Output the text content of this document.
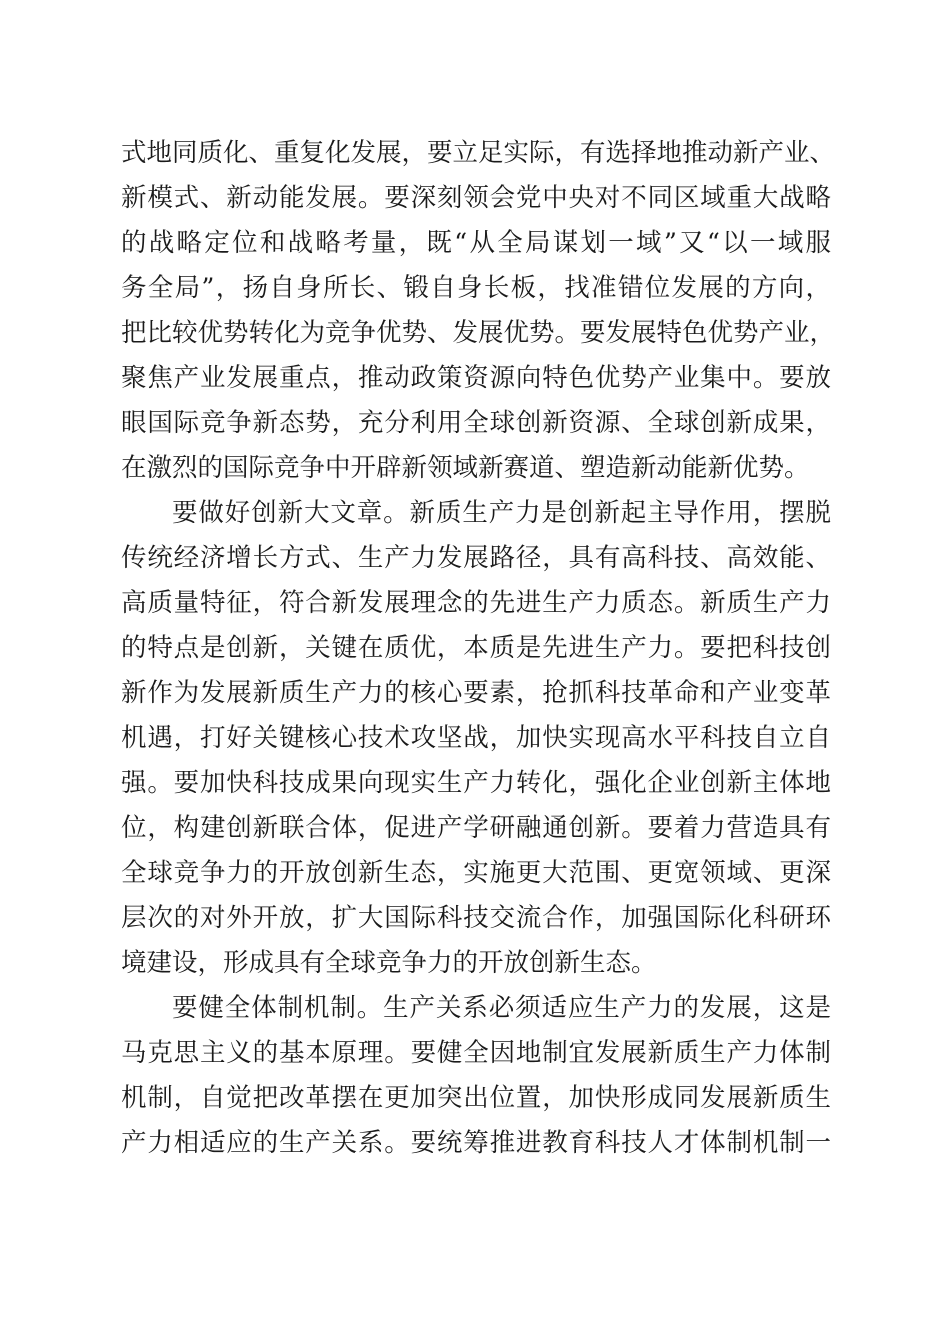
式地同质化、重复化发展，要立足实际，有选择地推动新产业、
新模式、新动能发展。要深刻领会党中央对不同区域重大战略
的战略定位和战略考量，既“从全局谋划一域”又“以一域服
务全局”，扬自身所长、锻自身长板，找准错位发展的方向，
把比较优势转化为竞争优势、发展优势。要发展特色优势产业，
聚焦产业发展重点，推动政策资源向特色优势产业集中。要放
眼国际竞争新态势，充分利用全球创新资源、全球创新成果，
在激烈的国际竞争中开辟新领域新赛道、塑造新动能新优势。
要做好创新大文章。新质生产力是创新起主导作用，摆脱
传统经济增长方式、生产力发展路径，具有高科技、高效能、
高质量特征，符合新发展理念的先进生产力质态。新质生产力
的特点是创新，关键在质优，本质是先进生产力。要把科技创
新作为发展新质生产力的核心要素，抢抓科技革命和产业变革
机遇，打好关键核心技术攻坚战，加快实现高水平科技自立自
强。要加快科技成果向现实生产力转化，强化企业创新主体地
位，构建创新联合体，促进产学研融通创新。要着力营造具有
全球竞争力的开放创新生态，实施更大范围、更宽领域、更深
层次的对外开放，扩大国际科技交流合作，加强国际化科研环
境建设，形成具有全球竞争力的开放创新生态。
要健全体制机制。生产关系必须适应生产力的发展，这是
马克思主义的基本原理。要健全因地制宜发展新质生产力体制
机制，自觉把改革摆在更加突出位置，加快形成同发展新质生
产力相适应的生产关系。要统筹推进教育科技人才体制机制一
